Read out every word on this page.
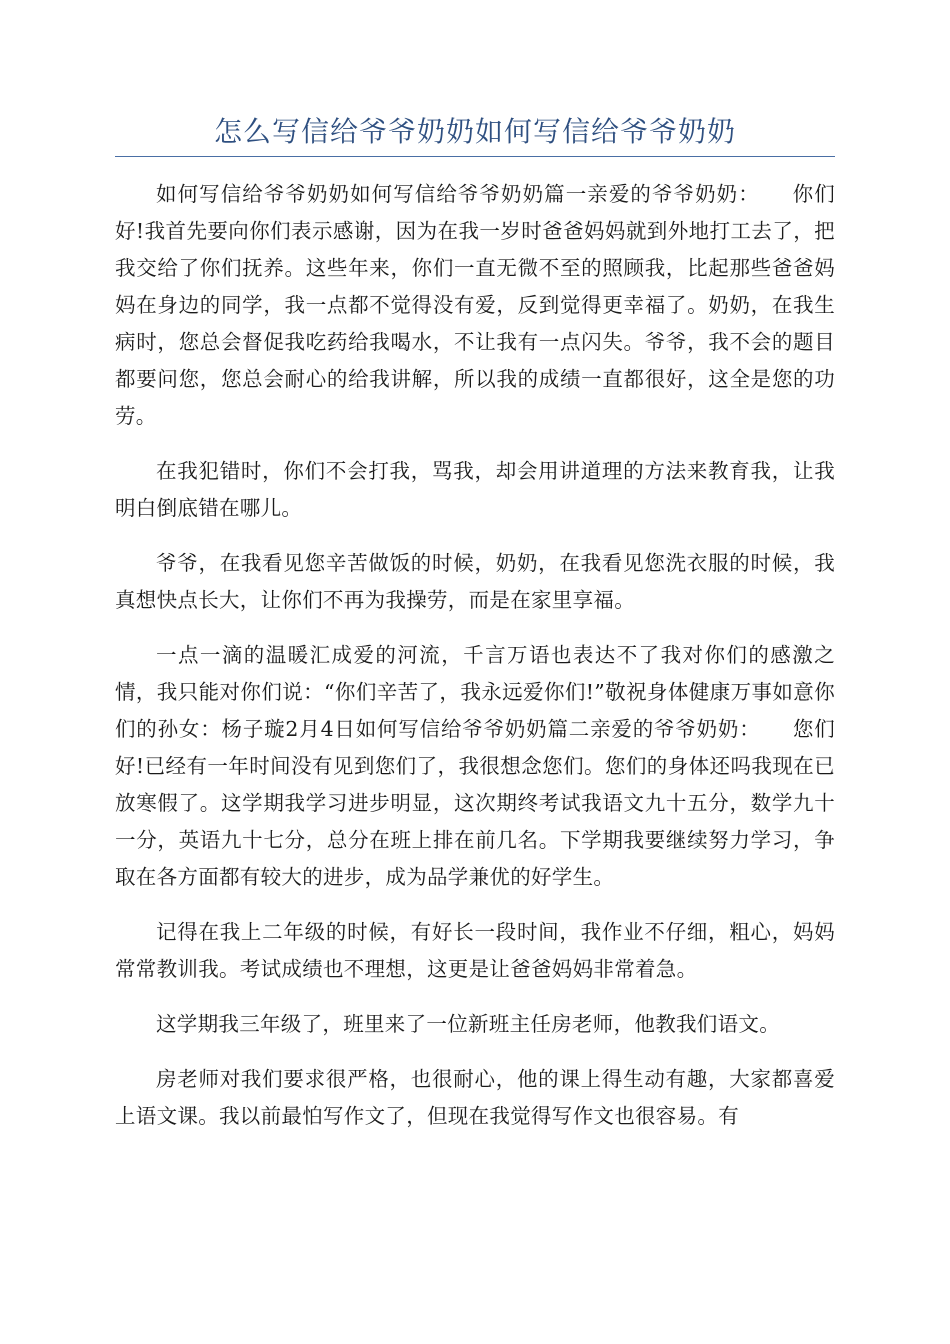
怎么写信给爷爷奶奶如何写信给爷爷奶奶

如何写信给爷爷奶奶如何写信给爷爷奶奶篇一亲爱的爷爷奶奶：　　你们好!我首先要向你们表示感谢，因为在我一岁时爸爸妈妈就到外地打工去了，把我交给了你们抚养。这些年来，你们一直无微不至的照顾我，比起那些爸爸妈妈在身边的同学，我一点都不觉得没有爱，反到觉得更幸福了。奶奶，在我生病时，您总会督促我吃药给我喝水，不让我有一点闪失。爷爷，我不会的题目都要问您，您总会耐心的给我讲解，所以我的成绩一直都很好，这全是您的功劳。

在我犯错时，你们不会打我，骂我，却会用讲道理的方法来教育我，让我明白倒底错在哪儿。

爷爷，在我看见您辛苦做饭的时候，奶奶，在我看见您洗衣服的时候，我真想快点长大，让你们不再为我操劳，而是在家里享福。

一点一滴的温暖汇成爱的河流，千言万语也表达不了我对你们的感激之情，我只能对你们说：“你们辛苦了，我永远爱你们!”敬祝身体健康万事如意你们的孙女：杨子璇2月4日如何写信给爷爷奶奶篇二亲爱的爷爷奶奶：　　您们好!已经有一年时间没有见到您们了，我很想念您们。您们的身体还吗我现在已放寒假了。这学期我学习进步明显，这次期终考试我语文九十五分，数学九十一分，英语九十七分，总分在班上排在前几名。下学期我要继续努力学习，争取在各方面都有较大的进步，成为品学兼优的好学生。

记得在我上二年级的时候，有好长一段时间，我作业不仔细，粗心，妈妈常常教训我。考试成绩也不理想，这更是让爸爸妈妈非常着急。

这学期我三年级了，班里来了一位新班主任房老师，他教我们语文。

房老师对我们要求很严格，也很耐心，他的课上得生动有趣，大家都喜爱上语文课。我以前最怕写作文了，但现在我觉得写作文也很容易。有
